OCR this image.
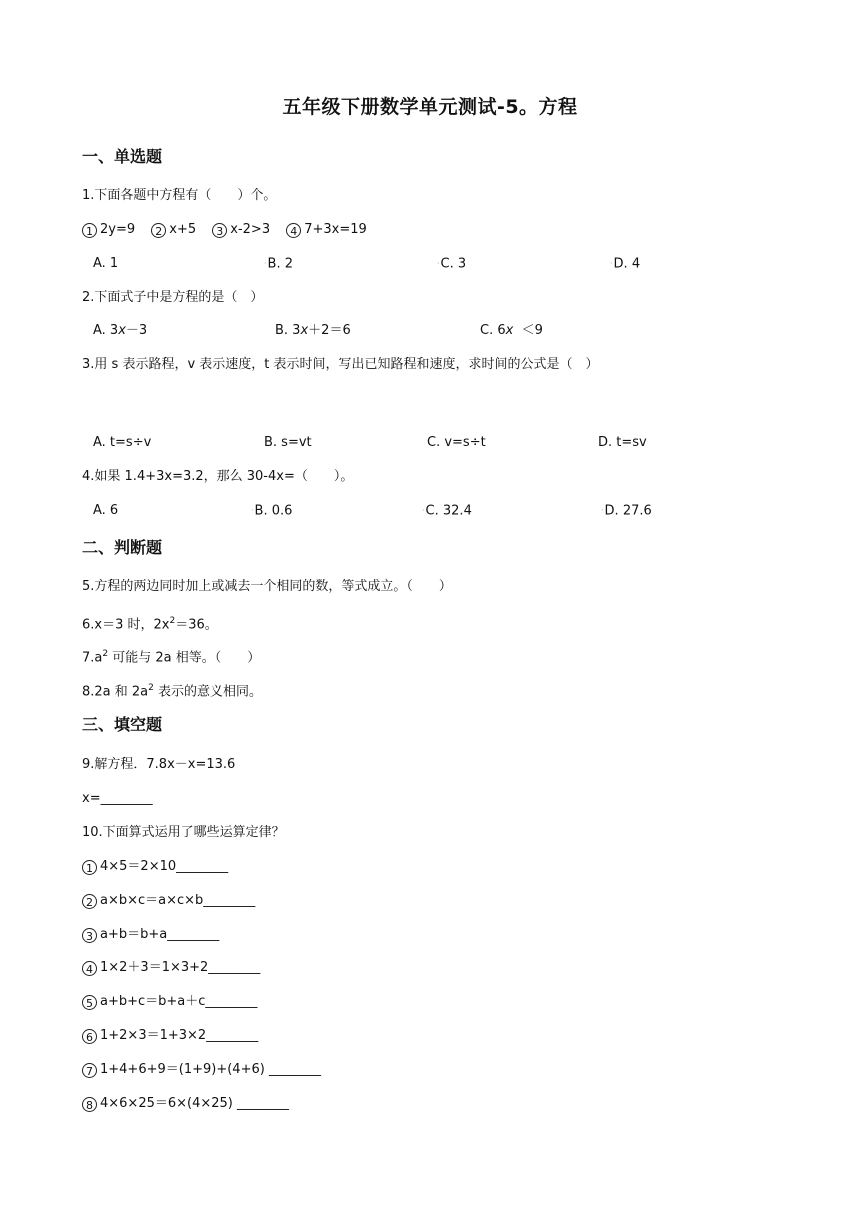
五年级下册数学单元测试-5。方程
一、单选题
1.下面各题中方程有（　　）个。
1 2y=9 2 x+5 3 x-2>3 4 7+3x=19
A. 1	·B. 2	·C. 3	·D. 4
2.下面式子中是方程的是（　）
A. 3x－3	B. 3x＋2＝6	C. 6x  ＜9
3.用 s 表示路程，v 表示速度，t 表示时间，写出已知路程和速度，求时间的公式是（　）
A. t=s÷v	B. s=vt	C. v=s÷t	D. t=sv
4.如果 1.4+3x=3.2，那么 30-4x=（　　）。
A. 6	·B. 0.6	·C. 32.4	·D. 27.6
二、判断题
5.方程的两边同时加上或减去一个相同的数，等式成立。（　　）
6.x＝3 时，$2x^2=36$。
$7.a^2$ 可能与 2a 相等。（　　）
8.2a 和 $2a^2$ 表示的意义相同。
三、填空题
9.解方程．7.8x－x=13.6
x=________
10.下面算式运用了哪些运算定律？
1 4×5＝2×10________
2 a×b×c＝a×c×b________
3 a+b＝b+a________
4 1×2＋3＝1×3+2________
5 a+b+c＝b+a＋c________
6 1+2×3＝1+3×2________
7 1+4+6+9＝(1+9)+(4+6) ________
8 4×6×25＝6×(4×25) ________
